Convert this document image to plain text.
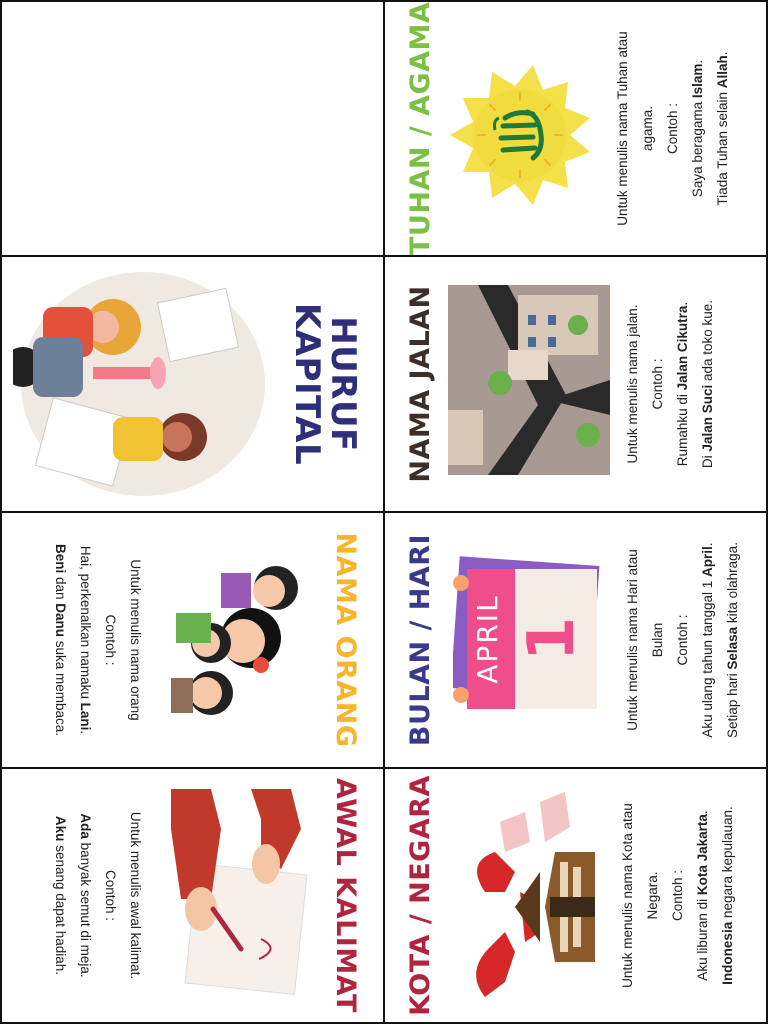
TUHAN / AGAMA	Untuk menulis nama Tuhan atau agama. Contoh : Saya beragama Islam.
Tiada Tuhan selain Allah.
HURUF
KAPITAL	NAMA JALAN	Untuk menulis nama jalan. Contoh :
Rumahku di Jalan Cikutra.
Di Jalan Suci ada toko kue.
NAMA ORANG
Untuk menulis nama orang
Contoh :
Hai, perkenalkan namaku Lani.
Beni dan Danu suka membaca.	BULAN / HARI APRIL 1	Untuk menulis nama Hari atau Bulan Contoh : Aku ulang tahun tanggal 1 April.
Setiap hari Selasa kita olahraga.
AWAL KALIMAT
Untuk menulis awal kalimat.
Contoh :
Ada banyak semut di meja.
Aku senang dapat hadiah.	KOTA / NEGARA	Untuk menulis nama Kota atau Negara. Contoh : Aku liburan di Kota Jakarta.
Indonesia negara kepulauan.
